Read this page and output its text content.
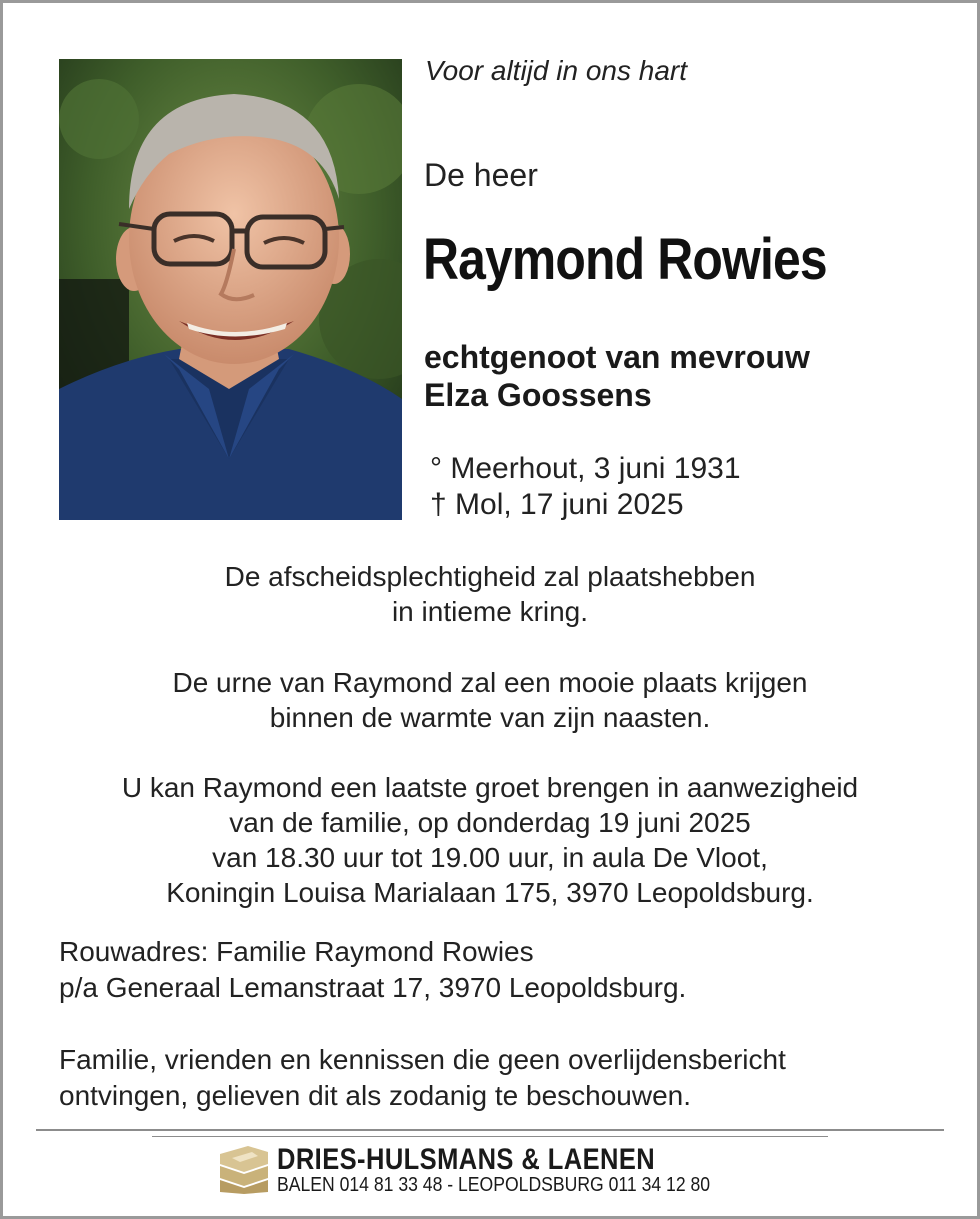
Voor altijd in ons hart
De heer
Raymond Rowies
echtgenoot van mevrouw
Elza Goossens
° Meerhout, 3 juni 1931
† Mol, 17 juni 2025
De afscheidsplechtigheid zal plaatshebben
in intieme kring.
De urne van Raymond zal een mooie plaats krijgen
binnen de warmte van zijn naasten.
U kan Raymond een laatste groet brengen in aanwezigheid
van de familie, op donderdag 19 juni 2025
van 18.30 uur tot 19.00 uur, in aula De Vloot,
Koningin Louisa Marialaan 175, 3970 Leopoldsburg.
Rouwadres: Familie Raymond Rowies
p/a Generaal Lemanstraat 17, 3970 Leopoldsburg.
Familie, vrienden en kennissen die geen overlijdensbericht
ontvingen, gelieven dit als zodanig te beschouwen.
DRIES-HULSMANS & LAENEN
BALEN 014 81 33 48 - LEOPOLDSBURG 011 34 12 80
